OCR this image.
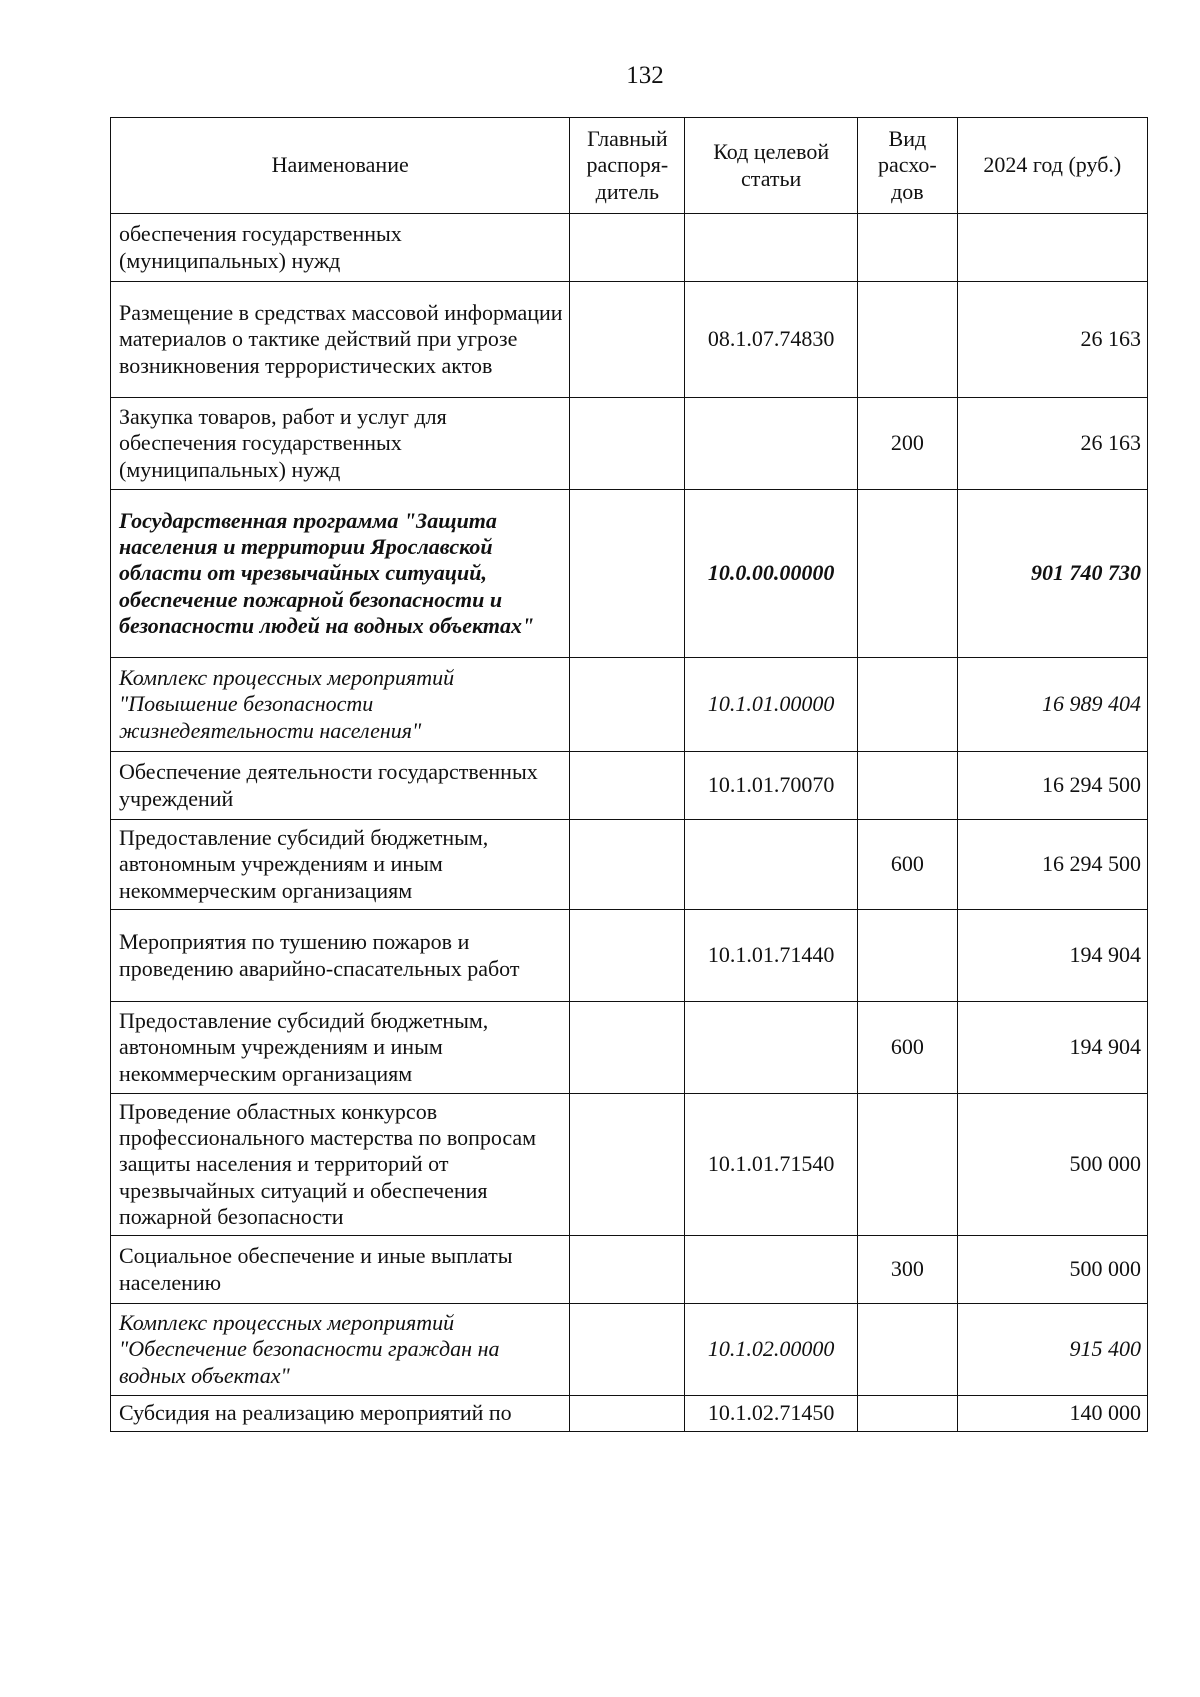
132
Наименование	Главный распоря-дитель	Код целевой статьи	Вид расхо-дов	2024 год (руб.)
обеспечения государственных (муниципальных) нужд				
Размещение в средствах массовой информации материалов о тактике действий при угрозе возникновения террористических актов		08.1.07.74830		26 163
Закупка товаров, работ и услуг для обеспечения государственных (муниципальных) нужд			200	26 163
Государственная программа "Защита населения и территории Ярославской области от чрезвычайных ситуаций, обеспечение пожарной безопасности и безопасности людей на водных объектах"		10.0.00.00000		901 740 730
Комплекс процессных мероприятий "Повышение безопасности жизнедеятельности населения"		10.1.01.00000		16 989 404
Обеспечение деятельности государственных учреждений		10.1.01.70070		16 294 500
Предоставление субсидий бюджетным, автономным учреждениям и иным некоммерческим организациям			600	16 294 500
Мероприятия по тушению пожаров и проведению аварийно-спасательных работ		10.1.01.71440		194 904
Предоставление субсидий бюджетным, автономным учреждениям и иным некоммерческим организациям			600	194 904
Проведение областных конкурсов профессионального мастерства по вопросам защиты населения и территорий от чрезвычайных ситуаций и обеспечения пожарной безопасности		10.1.01.71540		500 000
Социальное обеспечение и иные выплаты населению			300	500 000
Комплекс процессных мероприятий "Обеспечение безопасности граждан на водных объектах"		10.1.02.00000		915 400
Субсидия на реализацию мероприятий по		10.1.02.71450		140 000
